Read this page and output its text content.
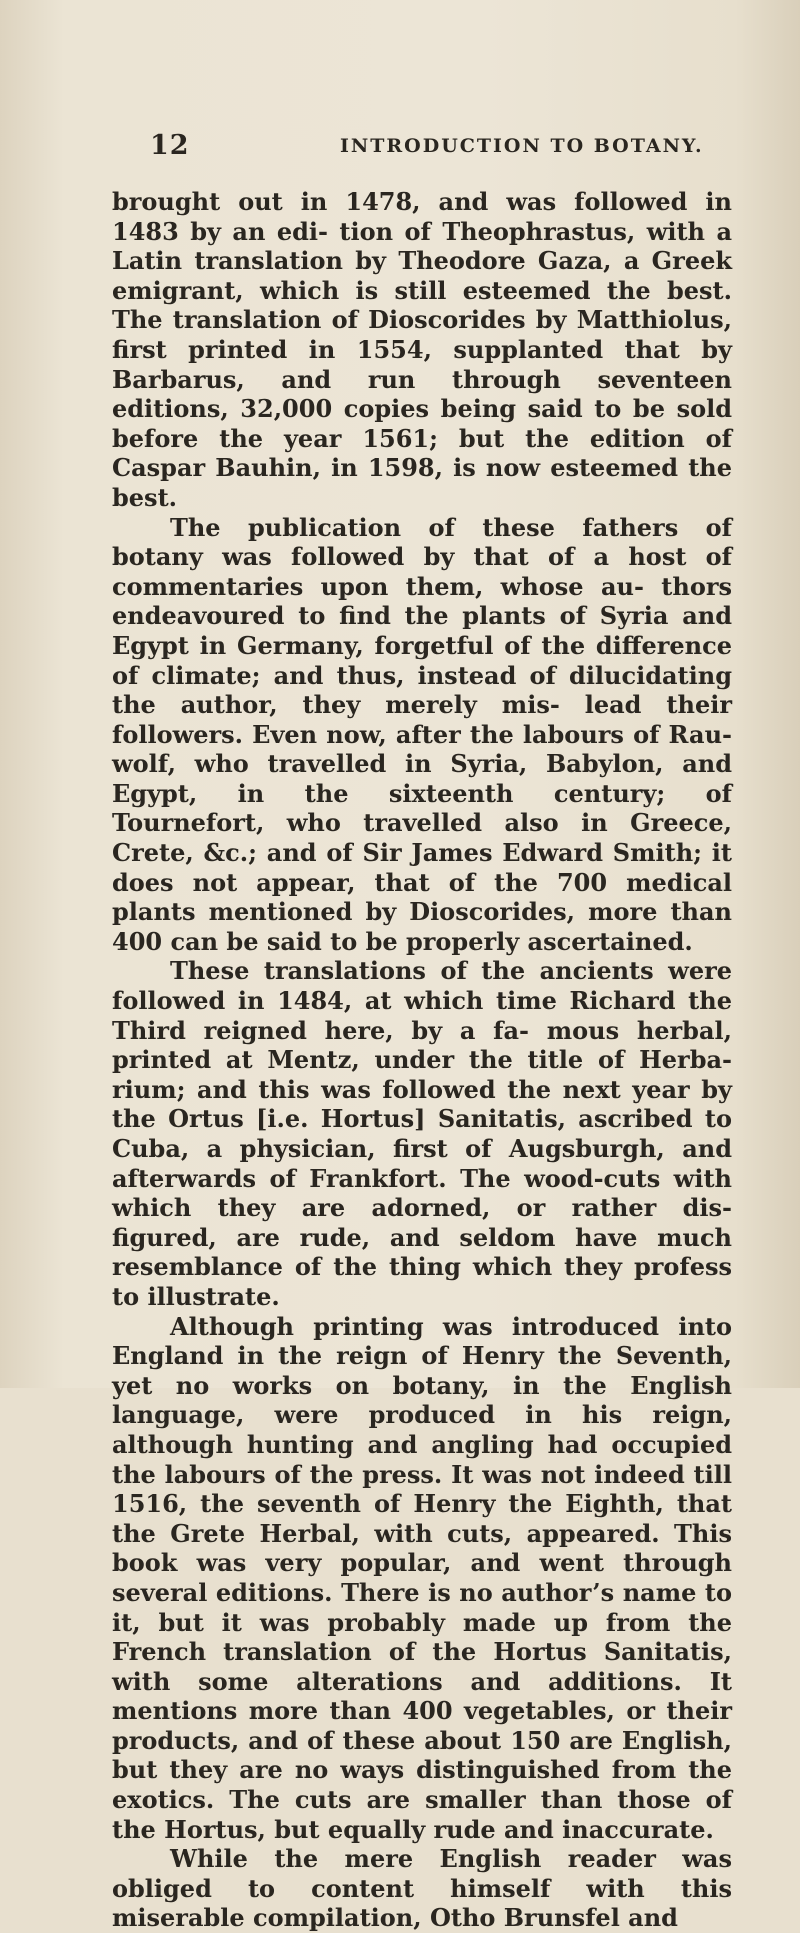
12	INTRODUCTION TO BOTANY.

brought out in 1478, and was followed in 1483 by an edi- tion of Theophrastus, with a Latin translation by Theodore Gaza, a Greek emigrant, which is still esteemed the best. The translation of Dioscorides by Matthiolus, first printed in 1554, supplanted that by Barbarus, and run through seventeen editions, 32,000 copies being said to be sold before the year 1561; but the edition of Caspar Bauhin, in 1598, is now esteemed the best.

The publication of these fathers of botany was followed by that of a host of commentaries upon them, whose au- thors endeavoured to find the plants of Syria and Egypt in Germany, forgetful of the difference of climate; and thus, instead of dilucidating the author, they merely mis- lead their followers. Even now, after the labours of Rau- wolf, who travelled in Syria, Babylon, and Egypt, in the sixteenth century; of Tournefort, who travelled also in Greece, Crete, &c.; and of Sir James Edward Smith; it does not appear, that of the 700 medical plants mentioned by Dioscorides, more than 400 can be said to be properly ascertained.

These translations of the ancients were followed in 1484, at which time Richard the Third reigned here, by a fa- mous herbal, printed at Mentz, under the title of Herba- rium; and this was followed the next year by the Ortus [i.e. Hortus] Sanitatis, ascribed to Cuba, a physician, first of Augsburgh, and afterwards of Frankfort. The wood-cuts with which they are adorned, or rather dis- figured, are rude, and seldom have much resemblance of the thing which they profess to illustrate.

Although printing was introduced into England in the reign of Henry the Seventh, yet no works on botany, in the English language, were produced in his reign, although hunting and angling had occupied the labours of the press. It was not indeed till 1516, the seventh of Henry the Eighth, that the Grete Herbal, with cuts, appeared. This book was very popular, and went through several editions. There is no author’s name to it, but it was probably made up from the French translation of the Hortus Sanitatis, with some alterations and additions. It mentions more than 400 vegetables, or their products, and of these about 150 are English, but they are no ways distinguished from the exotics. The cuts are smaller than those of the Hortus, but equally rude and inaccurate.

While the mere English reader was obliged to content himself with this miserable compilation, Otho Brunsfel and
